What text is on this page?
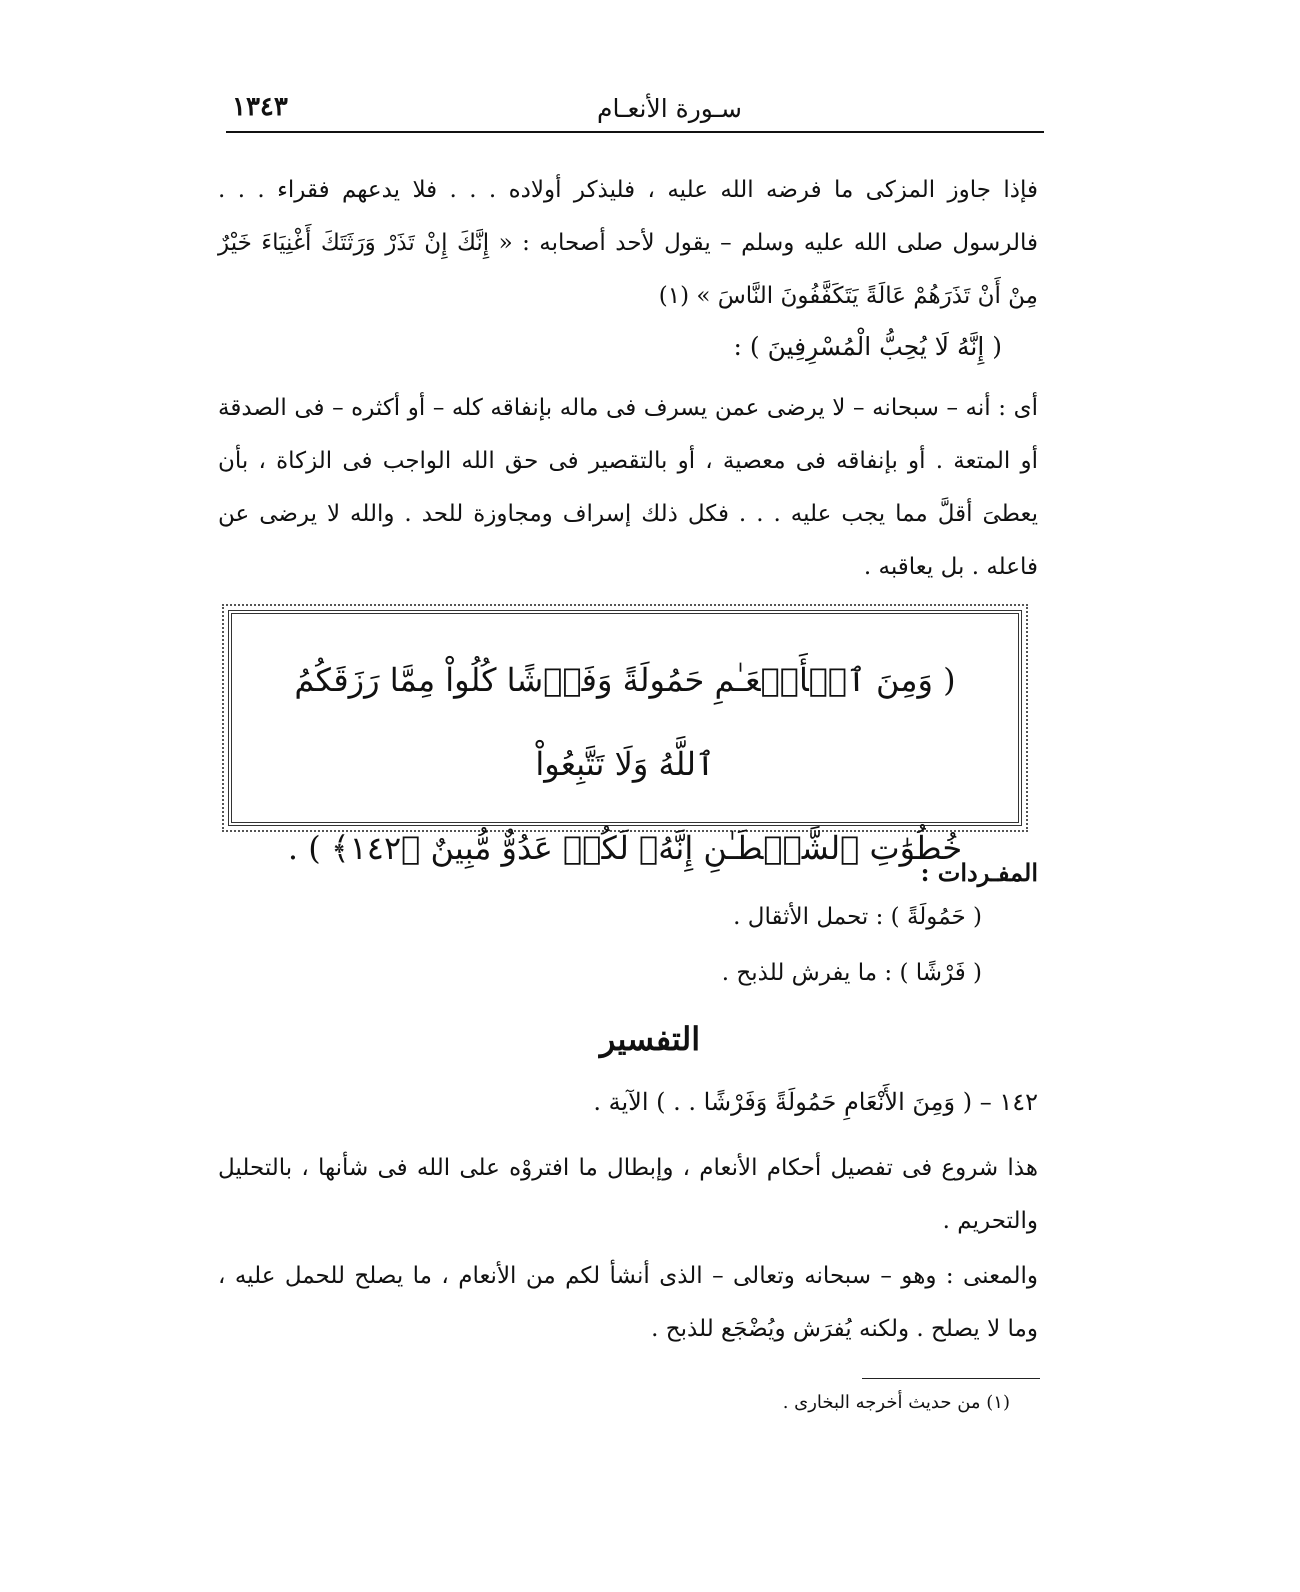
سـورة الأنعـام
١٣٤٣
فإذا جاوز المزكى ما فرضه الله عليه ، فليذكر أولاده . . . فلا يدعهم فقراء . . . فالرسول صلى الله عليه وسلم – يقول لأحد أصحابه : « إِنَّكَ إِنْ تَذَرْ وَرَثَتَكَ أَغْنِيَاءَ خَيْرٌ مِنْ أَنْ تَذَرَهُمْ عَالَةً يَتَكَفَّفُونَ النَّاسَ » (١)
( إِنَّهُ لَا يُحِبُّ الْمُسْرِفِينَ ) :
أى : أنه – سبحانه – لا يرضى عمن يسرف فى ماله بإنفاقه كله – أو أكثره – فى الصدقة أو المتعة . أو بإنفاقه فى معصية ، أو بالتقصير فى حق الله الواجب فى الزكاة ، بأن يعطىَ أقلَّ مما يجب عليه . . . فكل ذلك إسراف ومجاوزة للحد . والله لا يرضى عن فاعله . بل يعاقبه .
( وَمِنَ ٱلۡأَنۡعَـٰمِ حَمُولَةً وَفَرۡشًا كُلُواْ مِمَّا رَزَقَكُمُ ٱللَّهُ وَلَا تَتَّبِعُواْ
خُطُوَٰتِ ٱلشَّيۡطَـٰنِ إِنَّهُۥ لَكُمۡ عَدُوٌّ مُّبِينٌ ﴿١٤٢﴾ ) .
المفـردات :
( حَمُولَةً ) : تحمل الأثقال .
( فَرْشًا ) : ما يفرش للذبح .
التفسير
١٤٢ – ( وَمِنَ الأَنْعَامِ حَمُولَةً وَفَرْشًا . . ) الآية .
هذا شروع فى تفصيل أحكام الأنعام ، وإبطال ما افتروْه على الله فى شأنها ، بالتحليل والتحريم .
والمعنى : وهو – سبحانه وتعالى – الذى أنشأ لكم من الأنعام ، ما يصلح للحمل عليه ، وما لا يصلح . ولكنه يُفرَش ويُضْجَع للذبح .
(١) من حديث أخرجه البخارى .
